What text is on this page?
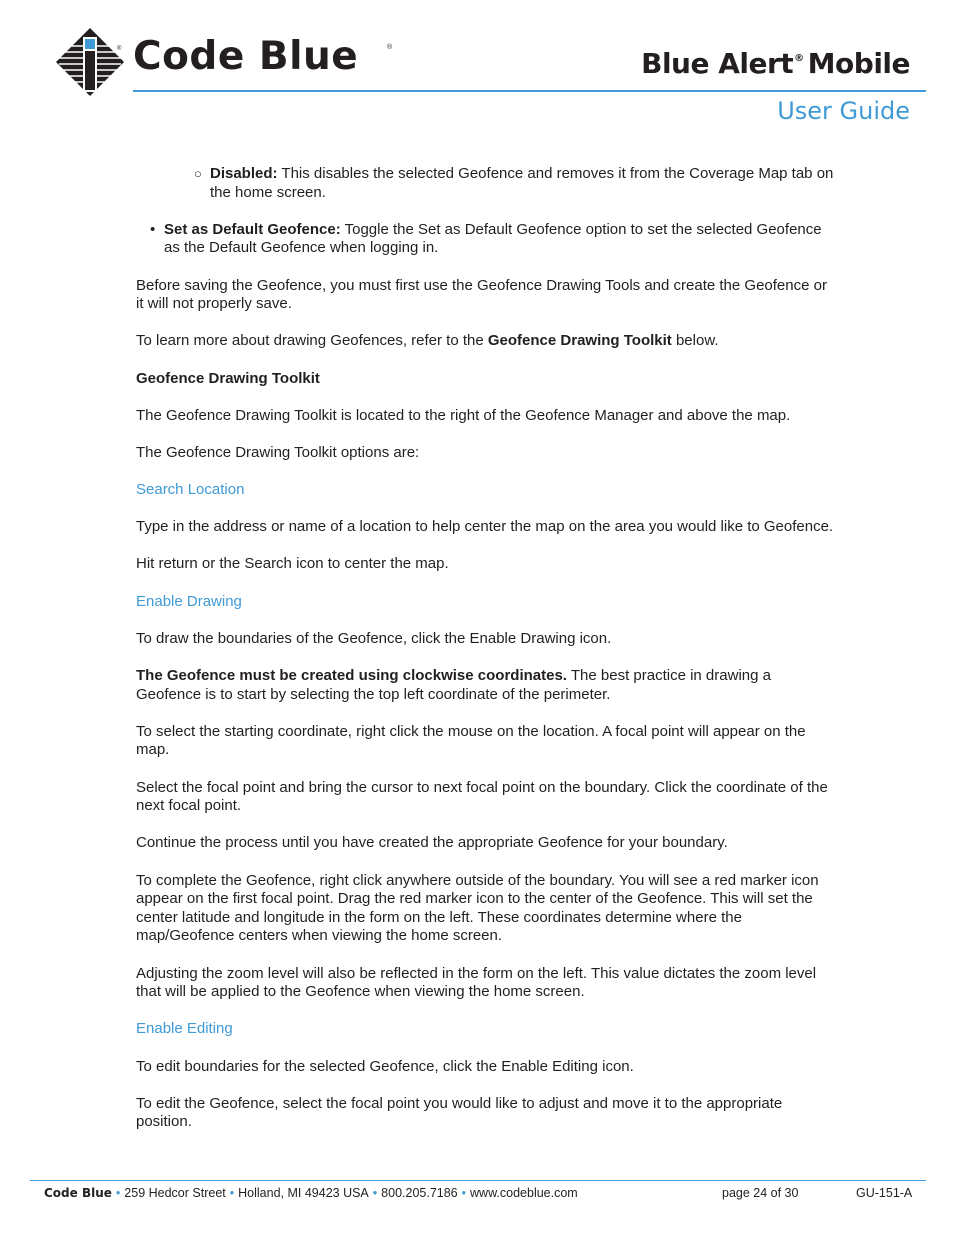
® Code Blue	®	Blue Alert® Mobile
User Guide

○ Disabled: This disables the selected Geofence and removes it from the Coverage Map tab on the home screen.

• Set as Default Geofence: Toggle the Set as Default Geofence option to set the selected Geofence as the Default Geofence when logging in.

Before saving the Geofence, you must first use the Geofence Drawing Tools and create the Geofence or it will not properly save.

To learn more about drawing Geofences, refer to the Geofence Drawing Toolkit below.

Geofence Drawing Toolkit

The Geofence Drawing Toolkit is located to the right of the Geofence Manager and above the map.

The Geofence Drawing Toolkit options are:

Search Location

Type in the address or name of a location to help center the map on the area you would like to Geofence.

Hit return or the Search icon to center the map.

Enable Drawing

To draw the boundaries of the Geofence, click the Enable Drawing icon.

The Geofence must be created using clockwise coordinates. The best practice in drawing a Geofence is to start by selecting the top left coordinate of the perimeter.

To select the starting coordinate, right click the mouse on the location. A focal point will appear on the map.

Select the focal point and bring the cursor to next focal point on the boundary. Click the coordinate of the next focal point.

Continue the process until you have created the appropriate Geofence for your boundary.

To complete the Geofence, right click anywhere outside of the boundary. You will see a red marker icon appear on the first focal point. Drag the red marker icon to the center of the Geofence. This will set the center latitude and longitude in the form on the left. These coordinates determine where the map/Geofence centers when viewing the home screen.

Adjusting the zoom level will also be reflected in the form on the left. This value dictates the zoom level that will be applied to the Geofence when viewing the home screen.

Enable Editing

To edit boundaries for the selected Geofence, click the Enable Editing icon.

To edit the Geofence, select the focal point you would like to adjust and move it to the appropriate position.

Code Blue • 259 Hedcor Street • Holland, MI 49423 USA • 800.205.7186 • www.codeblue.com	page 24 of 30	GU-151-A
